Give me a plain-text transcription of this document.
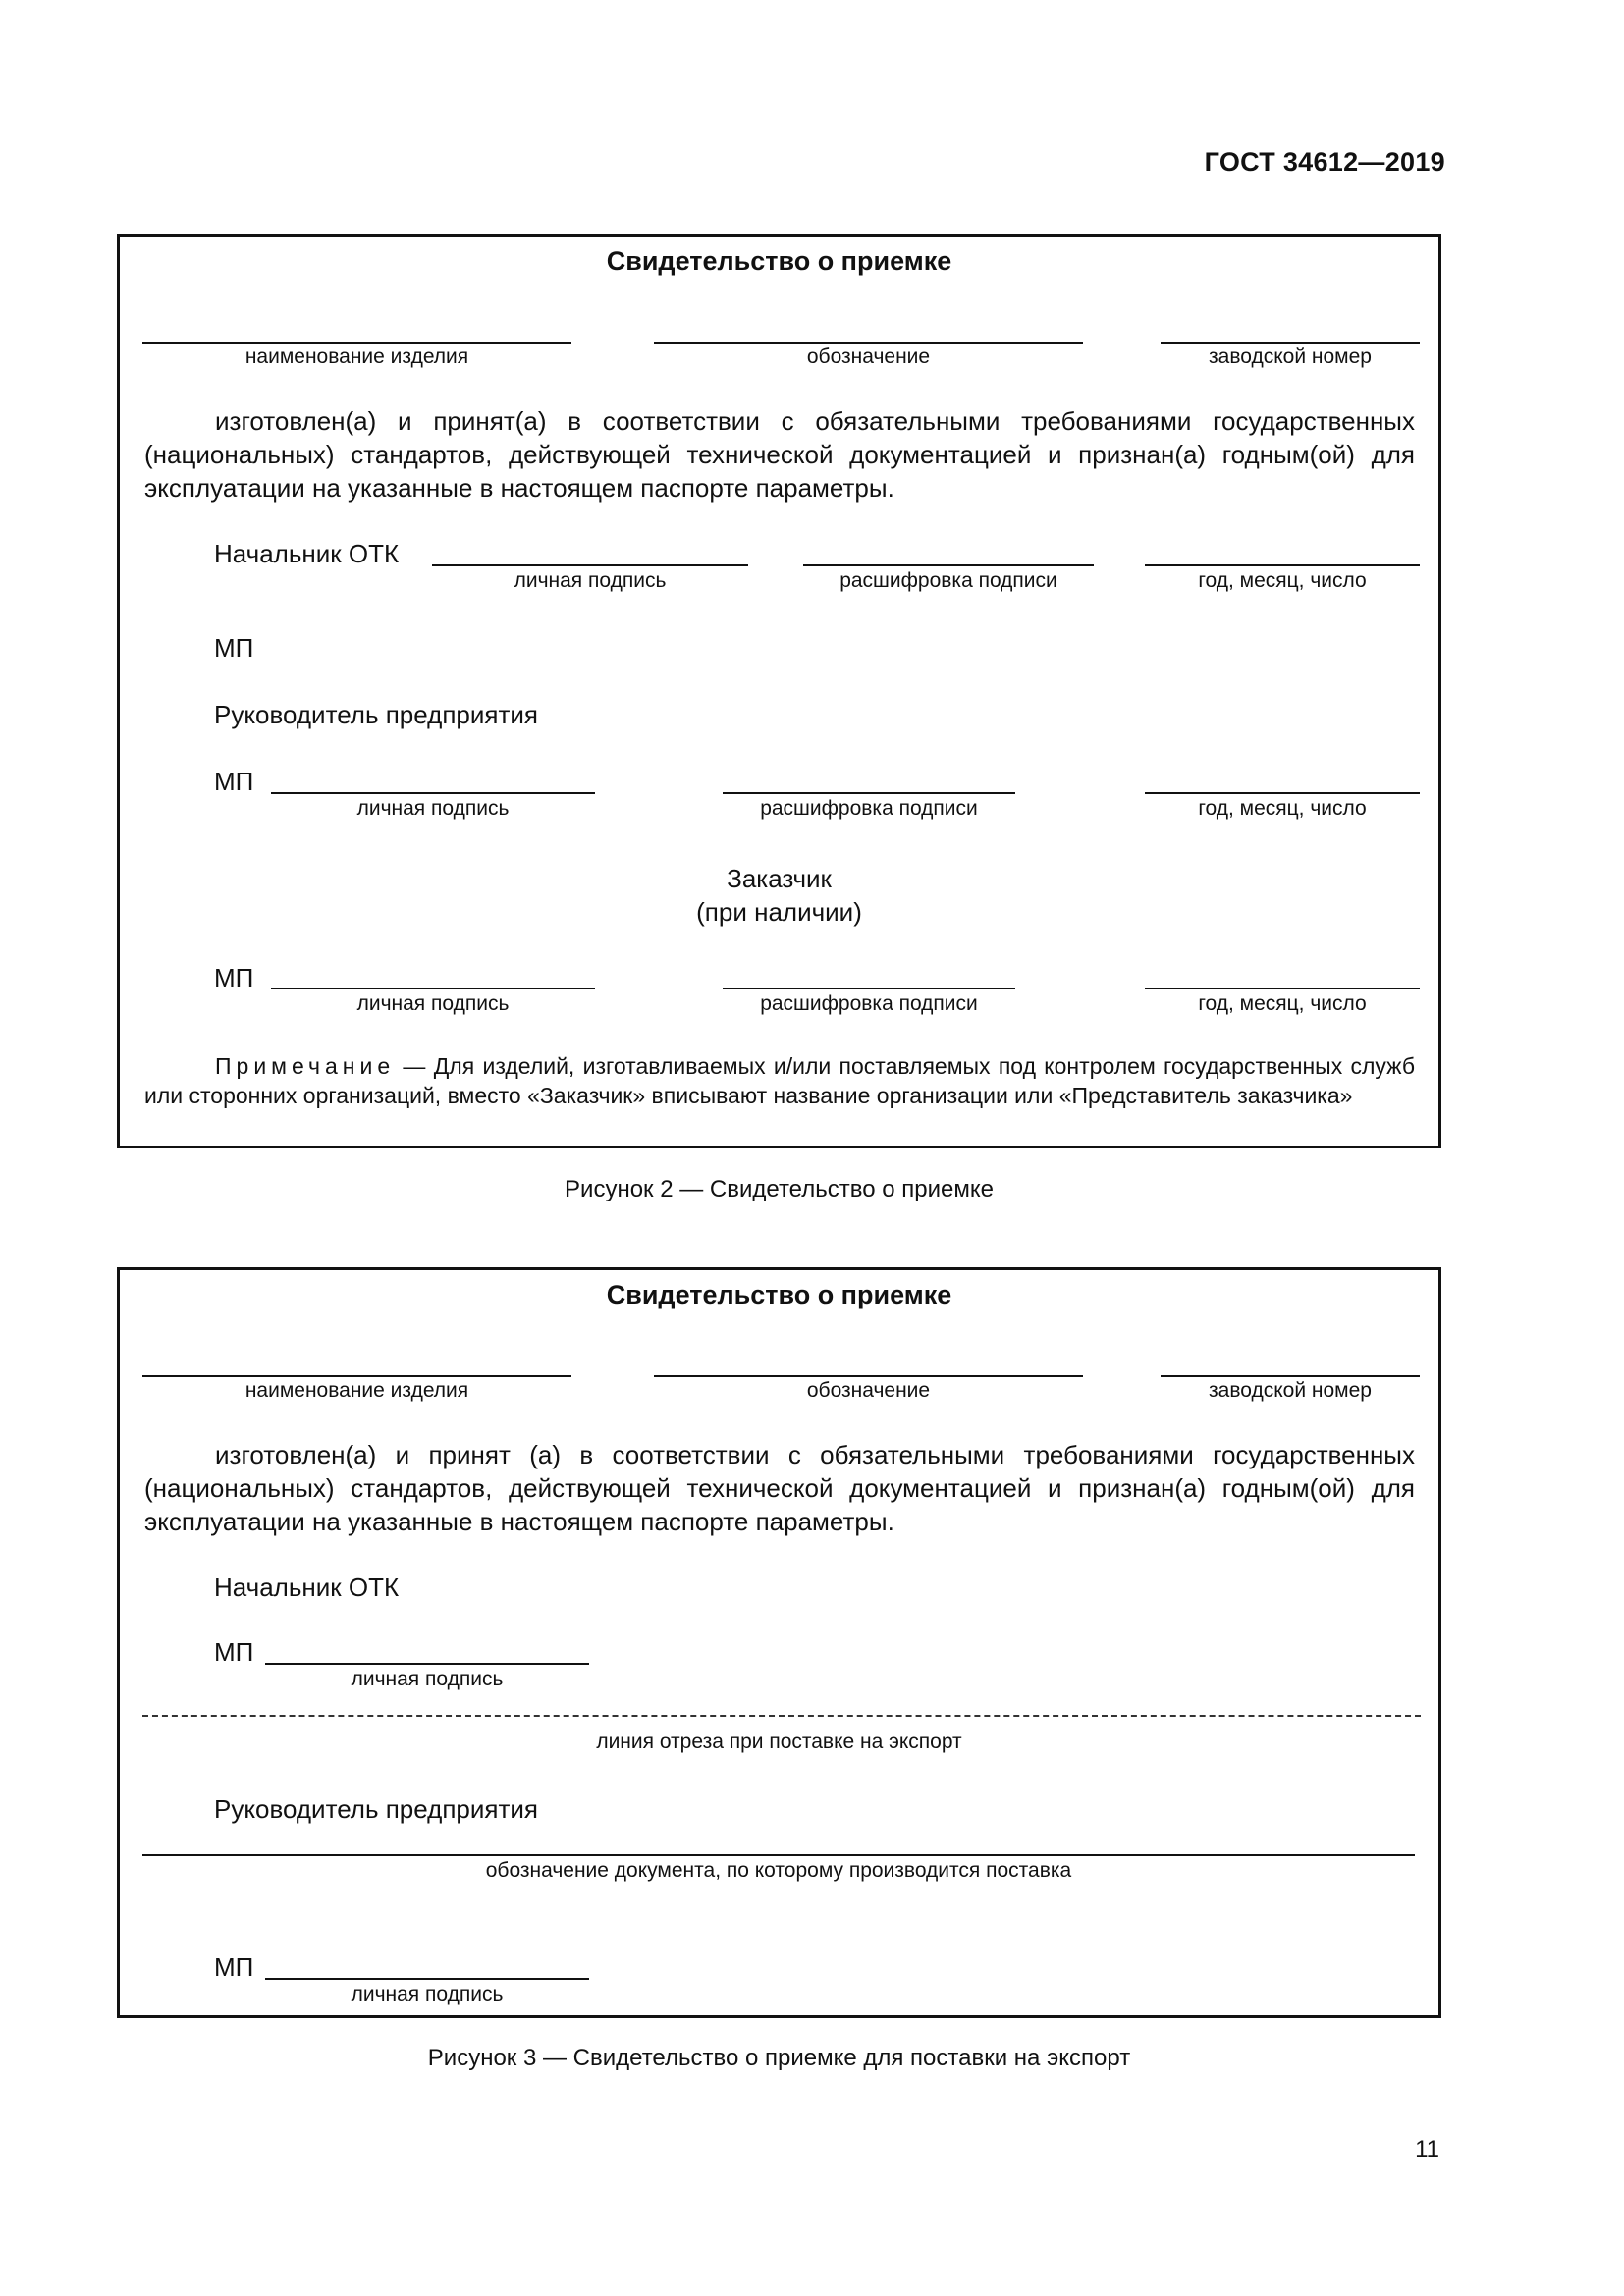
ГОСТ 34612—2019
Свидетельство о приемке
наименование изделия	обозначение	заводской номер
изготовлен(а) и принят(а) в соответствии с обязательными требованиями государственных (национальных) стандартов, действующей технической документацией и признан(а) годным(ой) для эксплуатации на указанные в настоящем паспорте параметры.
Начальник ОТК
личная подпись	расшифровка подписи	год, месяц, число
МП
Руководитель предприятия
МП
личная подпись	расшифровка подписи	год, месяц, число
Заказчик
(при наличии)
МП
личная подпись	расшифровка подписи	год, месяц, число
Примечание — Для изделий, изготавливаемых и/или поставляемых под контролем государственных служб или сторонних организаций, вместо «Заказчик» вписывают название организации или «Представитель заказчика»
Рисунок 2 — Свидетельство о приемке
Свидетельство о приемке
наименование изделия	обозначение	заводской номер
изготовлен(а) и принят (а) в соответствии с обязательными требованиями государственных (национальных) стандартов, действующей технической документацией и признан(а) годным(ой) для эксплуатации на указанные в настоящем паспорте параметры.
Начальник ОТК
МП
личная подпись
линия отреза при поставке на экспорт
Руководитель предприятия
обозначение документа, по которому производится поставка
МП
личная подпись
Рисунок 3 — Свидетельство о приемке для поставки на экспорт
11
